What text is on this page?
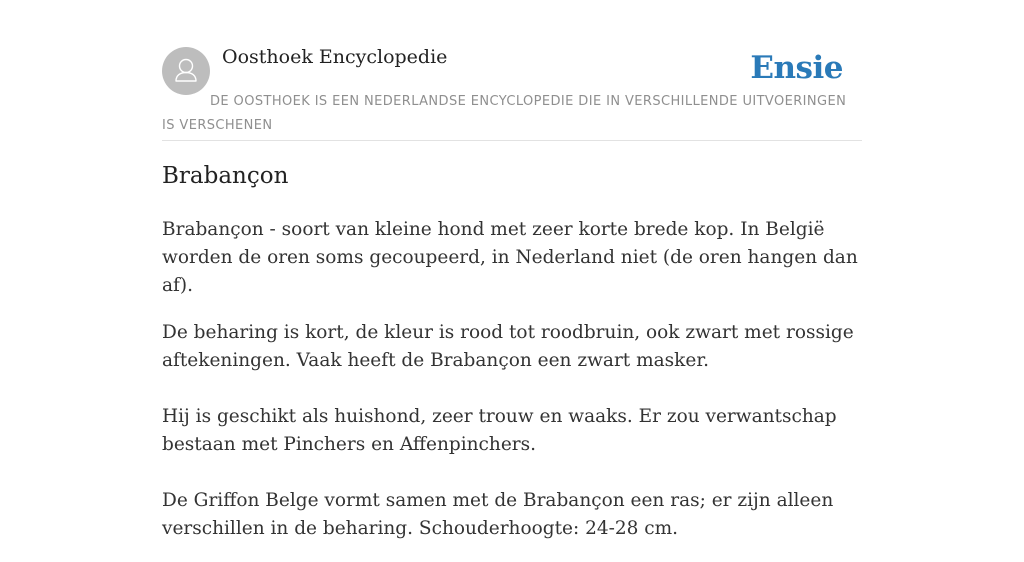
Oosthoek Encyclopedie	Ensie
DE OOSTHOEK IS EEN NEDERLANDSE ENCYCLOPEDIE DIE IN VERSCHILLENDE UITVOERINGEN IS VERSCHENEN
Brabançon

Brabançon - soort van kleine hond met zeer korte brede kop. In België worden de oren soms gecoupeerd, in Nederland niet (de oren hangen dan af).

De beharing is kort, de kleur is rood tot roodbruin, ook zwart met rossige aftekeningen. Vaak heeft de Brabançon een zwart masker.

Hij is geschikt als huishond, zeer trouw en waaks. Er zou verwantschap bestaan met Pinchers en Affenpinchers.

De Griffon Belge vormt samen met de Brabançon een ras; er zijn alleen verschillen in de beharing. Schouderhoogte: 24-28 cm.
